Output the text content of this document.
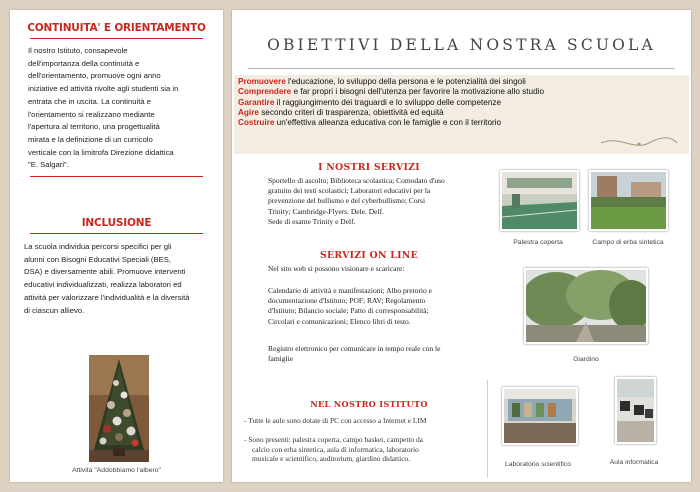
CONTINUITA' E ORIENTAMENTO
Il nostro Istituto, consapevole
dell'importanza della continuità e
dell'orientamento, promuove ogni anno
iniziative ed attività rivolte agli studenti sia in
entrata che in uscita. La continuità e
l'orientamento si realizzano mediante
l'apertura al territorio, una progettualità
mirata e la definizione di un curricolo
verticale con la limitrofa Direzione didattica
"E. Salgari".
INCLUSIONE
La scuola individua percorsi specifici per gli
alunni con Bisogni Educativi Speciali (BES,
DSA) e diversamente abili. Promuove interventi
educativi individualizzati, realizza laboratori ed
attività per valorizzare l'individualità e la diversità
di ciascun allievo.
Attività "Addobbiamo l'albero"
OBIETTIVI DELLA NOSTRA SCUOLA
Promuovere l'educazione, lo sviluppo della persona e le potenzialità dei singoli
Comprendere e far propri i bisogni dell'utenza per favorire la motivazione allo studio
Garantire il raggiungimento dei traguardi e lo sviluppo delle competenze
Agire secondo criteri di trasparenza, obiettività ed equità
Costruire un'effettiva alleanza educativa con le famiglie e con il territorio
I NOSTRI SERVIZI
Sportello di ascolto; Biblioteca scolastica; Comodato d'uso
gratuito dei testi scolastici; Laboratori educativi per la
prevenzione del bullismo e del cyberbullismo; Corsi
Trinity; Cambridge-Flyers. Dele. Delf.
Sede di esame Trinity e Delf.
Palestra coperta	Campo di erba sintetica
SERVIZI ON LINE
Nel sito web si possono visionare e scaricare:
Calendario di attività e manifestazioni; Albo pretorio e
documentazione d'Istituto; POF; RAV; Regolamento
d'Istituto; Bilancio sociale; Patto di corresponsabilità;
Circolari e comunicazioni; Elenco libri di testo.
Registro elettronico per comunicare in tempo reale con le
famiglie	Giardino
NEL NOSTRO ISTITUTO
- Tutte le aule sono dotate di PC con accesso a Internet e LIM
- Sono presenti: palestra coperta, campo basket, campetto da
calcio con erba sintetica, aula di informatica, laboratorio
musicale e scientifico, auditorium, giardino didattico.
Laboratorio scientifico	Aula informatica
